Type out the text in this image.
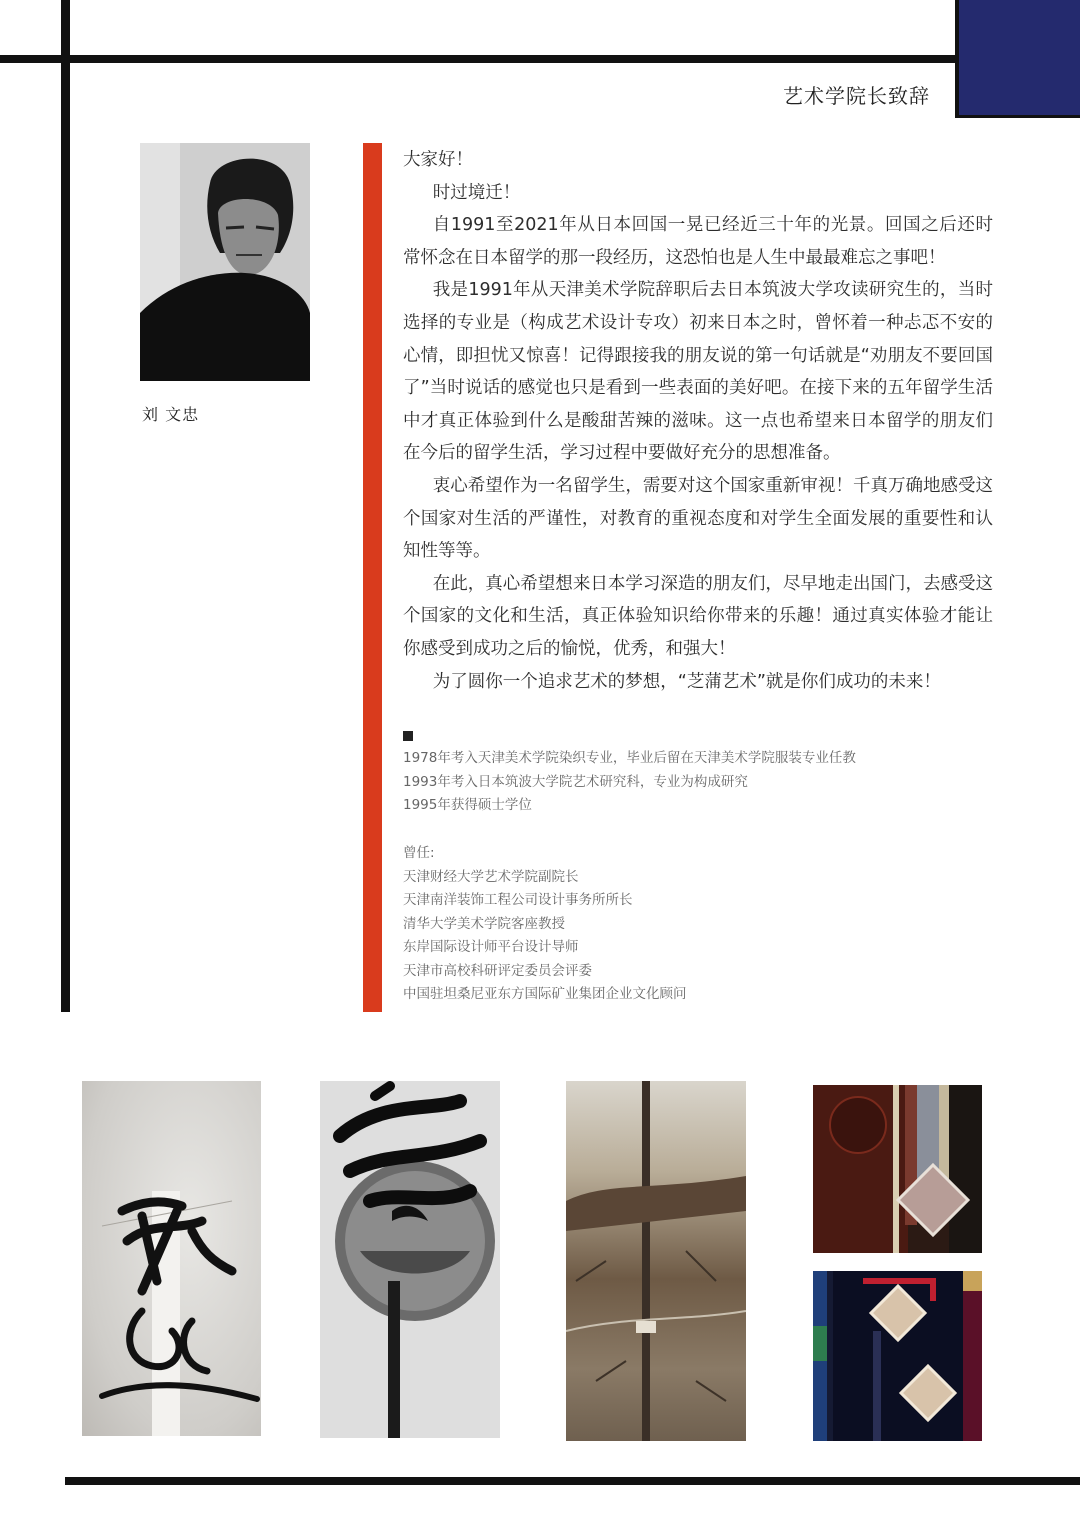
艺术学院长致辞
刘 文忠

大家好！

时过境迁！

自1991至2021年从日本回国一晃已经近三十年的光景。回国之后还时常怀念在日本留学的那一段经历，这恐怕也是人生中最最难忘之事吧！

我是1991年从天津美术学院辞职后去日本筑波大学攻读研究生的，当时选择的专业是（构成艺术设计专攻）初来日本之时，曾怀着一种忐忑不安的心情，即担忧又惊喜！记得跟接我的朋友说的第一句话就是“劝朋友不要回国了”当时说话的感觉也只是看到一些表面的美好吧。在接下来的五年留学生活中才真正体验到什么是酸甜苦辣的滋味。这一点也希望来日本留学的朋友们在今后的留学生活，学习过程中要做好充分的思想准备。

衷心希望作为一名留学生，需要对这个国家重新审视！千真万确地感受这个国家对生活的严谨性，对教育的重视态度和对学生全面发展的重要性和认知性等等。

在此，真心希望想来日本学习深造的朋友们，尽早地走出国门，去感受这个国家的文化和生活，真正体验知识给你带来的乐趣！通过真实体验才能让你感受到成功之后的愉悦，优秀，和强大！

为了圆你一个追求艺术的梦想，“芝蒲艺术”就是你们成功的未来！

1978年考入天津美术学院染织专业，毕业后留在天津美术学院服装专业任教
1993年考入日本筑波大学院艺术研究科，专业为构成研究
1995年获得硕士学位
曾任:
天津财经大学艺术学院副院长
天津南洋装饰工程公司设计事务所所长
清华大学美术学院客座教授
东岸国际设计师平台设计导师
天津市高校科研评定委员会评委
中国驻坦桑尼亚东方国际矿业集团企业文化顾问
